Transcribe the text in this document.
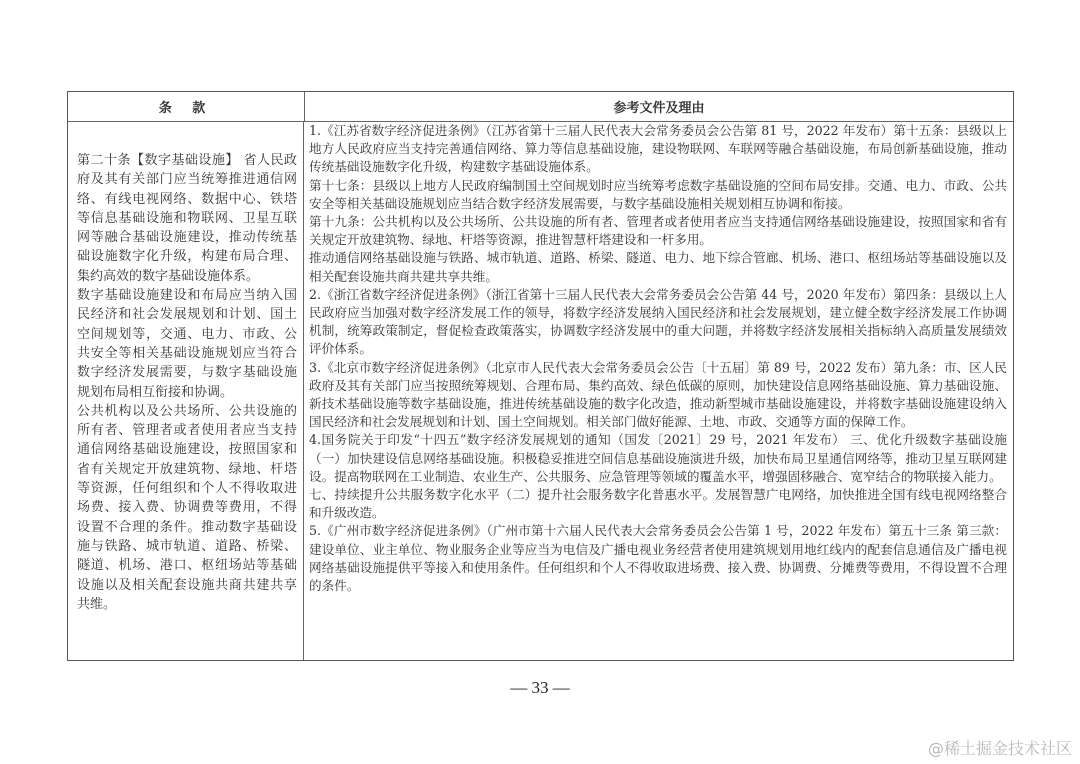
条 款	参考文件及理由

第二十条【数字基础设施】 省人民政府及其有关部门应当统筹推进通信网络、有线电视网络、数据中心、铁塔等信息基础设施和物联网、卫星互联网等融合基础设施建设，推动传统基础设施数字化升级，构建布局合理、集约高效的数字基础设施体系。

数字基础设施建设和布局应当纳入国民经济和社会发展规划和计划、国土空间规划等，交通、电力、市政、公共安全等相关基础设施规划应当符合数字经济发展需要，与数字基础设施规划布局相互衔接和协调。

公共机构以及公共场所、公共设施的所有者、管理者或者使用者应当支持通信网络基础设施建设，按照国家和省有关规定开放建筑物、绿地、杆塔等资源，任何组织和个人不得收取进场费、接入费、协调费等费用，不得设置不合理的条件。推动数字基础设施与铁路、城市轨道、道路、桥梁、隧道、机场、港口、枢纽场站等基础设施以及相关配套设施共商共建共享共维。

1.《江苏省数字经济促进条例》（江苏省第十三届人民代表大会常务委员会公告第 81 号，2022 年发布）第十五条：县级以上地方人民政府应当支持完善通信网络、算力等信息基础设施，建设物联网、车联网等融合基础设施，布局创新基础设施，推动传统基础设施数字化升级，构建数字基础设施体系。

第十七条：县级以上地方人民政府编制国土空间规划时应当统筹考虑数字基础设施的空间布局安排。交通、电力、市政、公共安全等相关基础设施规划应当结合数字经济发展需要，与数字基础设施相关规划相互协调和衔接。

第十九条：公共机构以及公共场所、公共设施的所有者、管理者或者使用者应当支持通信网络基础设施建设，按照国家和省有关规定开放建筑物、绿地、杆塔等资源，推进智慧杆塔建设和一杆多用。

推动通信网络基础设施与铁路、城市轨道、道路、桥梁、隧道、电力、地下综合管廊、机场、港口、枢纽场站等基础设施以及相关配套设施共商共建共享共维。

2.《浙江省数字经济促进条例》（浙江省第十三届人民代表大会常务委员会公告第 44 号，2020 年发布）第四条：县级以上人民政府应当加强对数字经济发展工作的领导，将数字经济发展纳入国民经济和社会发展规划，建立健全数字经济发展工作协调机制，统筹政策制定，督促检查政策落实，协调数字经济发展中的重大问题，并将数字经济发展相关指标纳入高质量发展绩效评价体系。

3.《北京市数字经济促进条例》（北京市人民代表大会常务委员会公告〔十五届〕第 89 号，2022 发布）第九条：市、区人民政府及其有关部门应当按照统筹规划、合理布局、集约高效、绿色低碳的原则，加快建设信息网络基础设施、算力基础设施、新技术基础设施等数字基础设施，推进传统基础设施的数字化改造，推动新型城市基础设施建设，并将数字基础设施建设纳入国民经济和社会发展规划和计划、国土空间规划。相关部门做好能源、土地、市政、交通等方面的保障工作。

4.国务院关于印发“十四五”数字经济发展规划的通知（国发〔2021〕29 号，2021 年发布） 三、优化升级数字基础设施（一）加快建设信息网络基础设施。积极稳妥推进空间信息基础设施演进升级，加快布局卫星通信网络等，推动卫星互联网建设。提高物联网在工业制造、农业生产、公共服务、应急管理等领域的覆盖水平，增强固移融合、宽窄结合的物联接入能力。

七、持续提升公共服务数字化水平（二）提升社会服务数字化普惠水平。发展智慧广电网络，加快推进全国有线电视网络整合和升级改造。

5.《广州市数字经济促进条例》（广州市第十六届人民代表大会常务委员会公告第 1 号，2022 年发布）第五十三条 第三款：建设单位、业主单位、物业服务企业等应当为电信及广播电视业务经营者使用建筑规划用地红线内的配套信息通信及广播电视网络基础设施提供平等接入和使用条件。任何组织和个人不得收取进场费、接入费、协调费、分摊费等费用，不得设置不合理的条件。

— 33 —
@稀土掘金技术社区
